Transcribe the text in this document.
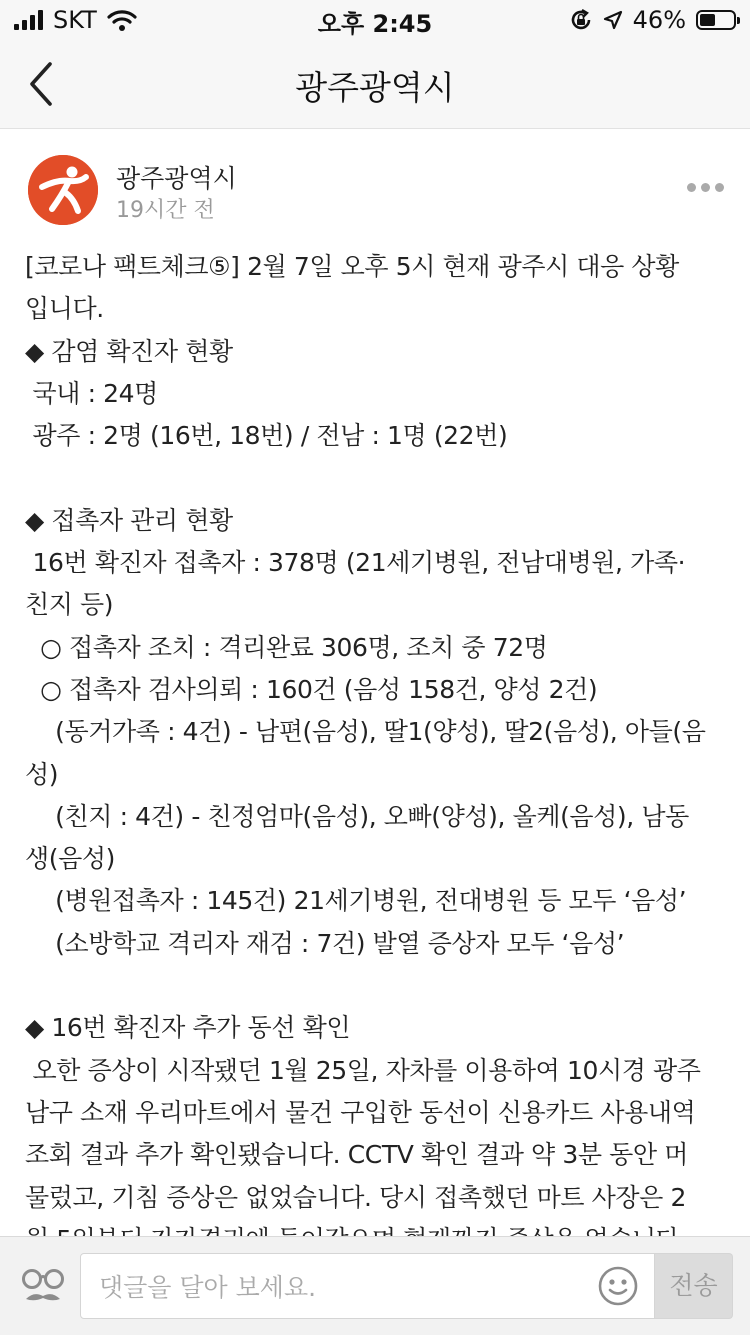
SKT	오후 2:45	46%
광주광역시
광주광역시
19시간 전
[코로나 팩트체크⑤] 2월 7일 오후 5시 현재 광주시 대응 상황
입니다.
◆ 감염 확진자 현황
국내 : 24명
광주 : 2명 (16번, 18번) / 전남 : 1명 (22번)
◆ 접촉자 관리 현황
16번 확진자 접촉자 : 378명 (21세기병원, 전남대병원, 가족·
친지 등)
○ 접촉자 조치 : 격리완료 306명, 조치 중 72명
○ 접촉자 검사의뢰 : 160건 (음성 158건, 양성 2건)
(동거가족 : 4건) - 남편(음성), 딸1(양성), 딸2(음성), 아들(음
성)
(친지 : 4건) - 친정엄마(음성), 오빠(양성), 올케(음성), 남동
생(음성)
(병원접촉자 : 145건) 21세기병원, 전대병원 등 모두 ‘음성’
(소방학교 격리자 재검 : 7건) 발열 증상자 모두 ‘음성’
◆ 16번 확진자 추가 동선 확인
오한 증상이 시작됐던 1월 25일, 자차를 이용하여 10시경 광주
남구 소재 우리마트에서 물건 구입한 동선이 신용카드 사용내역
조회 결과 추가 확인됐습니다. CCTV 확인 결과 약 3분 동안 머
물렀고, 기침 증상은 없었습니다. 당시 접촉했던 마트 사장은 2
댓글을 달아 보세요.
전송
